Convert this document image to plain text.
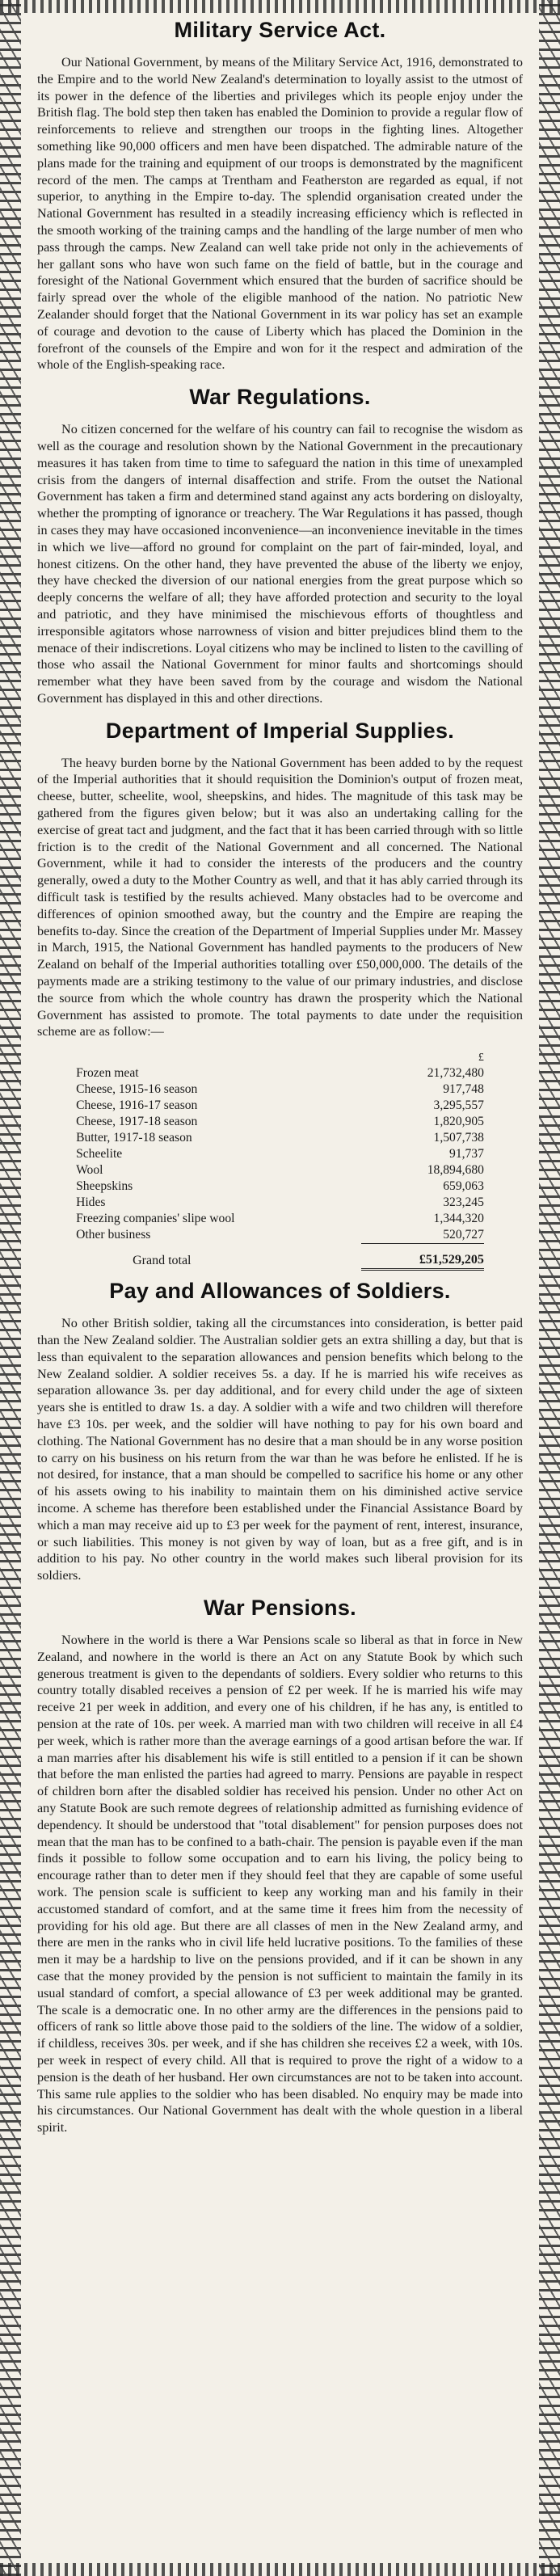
Military Service Act.

Our National Government, by means of the Military Service Act, 1916, demonstrated to the Empire and to the world New Zealand's determination to loyally assist to the utmost of its power in the defence of the liberties and privileges which its people enjoy under the British flag. The bold step then taken has enabled the Dominion to provide a regular flow of reinforcements to relieve and strengthen our troops in the fighting lines. Altogether something like 90,000 officers and men have been dispatched. The admirable nature of the plans made for the training and equipment of our troops is demonstrated by the magnificent record of the men. The camps at Trentham and Featherston are regarded as equal, if not superior, to anything in the Empire to-day. The splendid organisation created under the National Government has resulted in a steadily increasing efficiency which is reflected in the smooth working of the training camps and the handling of the large number of men who pass through the camps. New Zealand can well take pride not only in the achievements of her gallant sons who have won such fame on the field of battle, but in the courage and foresight of the National Government which ensured that the burden of sacrifice should be fairly spread over the whole of the eligible manhood of the nation. No patriotic New Zealander should forget that the National Government in its war policy has set an example of courage and devotion to the cause of Liberty which has placed the Dominion in the forefront of the counsels of the Empire and won for it the respect and admiration of the whole of the English-speaking race.

War Regulations.

No citizen concerned for the welfare of his country can fail to recognise the wisdom as well as the courage and resolution shown by the National Government in the precautionary measures it has taken from time to time to safeguard the nation in this time of unexampled crisis from the dangers of internal disaffection and strife. From the outset the National Government has taken a firm and determined stand against any acts bordering on disloyalty, whether the prompting of ignorance or treachery. The War Regulations it has passed, though in cases they may have occasioned inconvenience—an inconvenience inevitable in the times in which we live—afford no ground for complaint on the part of fair-minded, loyal, and honest citizens. On the other hand, they have prevented the abuse of the liberty we enjoy, they have checked the diversion of our national energies from the great purpose which so deeply concerns the welfare of all; they have afforded protection and security to the loyal and patriotic, and they have minimised the mischievous efforts of thoughtless and irresponsible agitators whose narrowness of vision and bitter prejudices blind them to the menace of their indiscretions. Loyal citizens who may be inclined to listen to the cavilling of those who assail the National Government for minor faults and shortcomings should remember what they have been saved from by the courage and wisdom the National Government has displayed in this and other directions.

Department of Imperial Supplies.

The heavy burden borne by the National Government has been added to by the request of the Imperial authorities that it should requisition the Dominion's output of frozen meat, cheese, butter, scheelite, wool, sheepskins, and hides. The magnitude of this task may be gathered from the figures given below; but it was also an undertaking calling for the exercise of great tact and judgment, and the fact that it has been carried through with so little friction is to the credit of the National Government and all concerned. The National Government, while it had to consider the interests of the producers and the country generally, owed a duty to the Mother Country as well, and that it has ably carried through its difficult task is testified by the results achieved. Many obstacles had to be overcome and differences of opinion smoothed away, but the country and the Empire are reaping the benefits to-day. Since the creation of the Department of Imperial Supplies under Mr. Massey in March, 1915, the National Government has handled payments to the producers of New Zealand on behalf of the Imperial authorities totalling over £50,000,000. The details of the payments made are a striking testimony to the value of our primary industries, and disclose the source from which the whole country has drawn the prosperity which the National Government has assisted to promote. The total payments to date under the requisition scheme are as follow:—

	£
Frozen meat	21,732,480
Cheese, 1915-16 season	917,748
Cheese, 1916-17 season	3,295,557
Cheese, 1917-18 season	1,820,905
Butter, 1917-18 season	1,507,738
Scheelite	91,737
Wool	18,894,680
Sheepskins	659,063
Hides	323,245
Freezing companies' slipe wool	1,344,320
Other business	520,727
Grand total	£51,529,205
Pay and Allowances of Soldiers.

No other British soldier, taking all the circumstances into consideration, is better paid than the New Zealand soldier. The Australian soldier gets an extra shilling a day, but that is less than equivalent to the separation allowances and pension benefits which belong to the New Zealand soldier. A soldier receives 5s. a day. If he is married his wife receives as separation allowance 3s. per day additional, and for every child under the age of sixteen years she is entitled to draw 1s. a day. A soldier with a wife and two children will therefore have £3 10s. per week, and the soldier will have nothing to pay for his own board and clothing. The National Government has no desire that a man should be in any worse position to carry on his business on his return from the war than he was before he enlisted. If he is not desired, for instance, that a man should be compelled to sacrifice his home or any other of his assets owing to his inability to maintain them on his diminished active service income. A scheme has therefore been established under the Financial Assistance Board by which a man may receive aid up to £3 per week for the payment of rent, interest, insurance, or such liabilities. This money is not given by way of loan, but as a free gift, and is in addition to his pay. No other country in the world makes such liberal provision for its soldiers.

War Pensions.

Nowhere in the world is there a War Pensions scale so liberal as that in force in New Zealand, and nowhere in the world is there an Act on any Statute Book by which such generous treatment is given to the dependants of soldiers. Every soldier who returns to this country totally disabled receives a pension of £2 per week. If he is married his wife may receive 21 per week in addition, and every one of his children, if he has any, is entitled to pension at the rate of 10s. per week. A married man with two children will receive in all £4 per week, which is rather more than the average earnings of a good artisan before the war. If a man marries after his disablement his wife is still entitled to a pension if it can be shown that before the man enlisted the parties had agreed to marry. Pensions are payable in respect of children born after the disabled soldier has received his pension. Under no other Act on any Statute Book are such remote degrees of relationship admitted as furnishing evidence of dependency. It should be understood that "total disablement" for pension purposes does not mean that the man has to be confined to a bath-chair. The pension is payable even if the man finds it possible to follow some occupation and to earn his living, the policy being to encourage rather than to deter men if they should feel that they are capable of some useful work. The pension scale is sufficient to keep any working man and his family in their accustomed standard of comfort, and at the same time it frees him from the necessity of providing for his old age. But there are all classes of men in the New Zealand army, and there are men in the ranks who in civil life held lucrative positions. To the families of these men it may be a hardship to live on the pensions provided, and if it can be shown in any case that the money provided by the pension is not sufficient to maintain the family in its usual standard of comfort, a special allowance of £3 per week additional may be granted. The scale is a democratic one. In no other army are the differences in the pensions paid to officers of rank so little above those paid to the soldiers of the line. The widow of a soldier, if childless, receives 30s. per week, and if she has children she receives £2 a week, with 10s. per week in respect of every child. All that is required to prove the right of a widow to a pension is the death of her husband. Her own circumstances are not to be taken into account. This same rule applies to the soldier who has been disabled. No enquiry may be made into his circumstances. Our National Government has dealt with the whole question in a liberal spirit.
